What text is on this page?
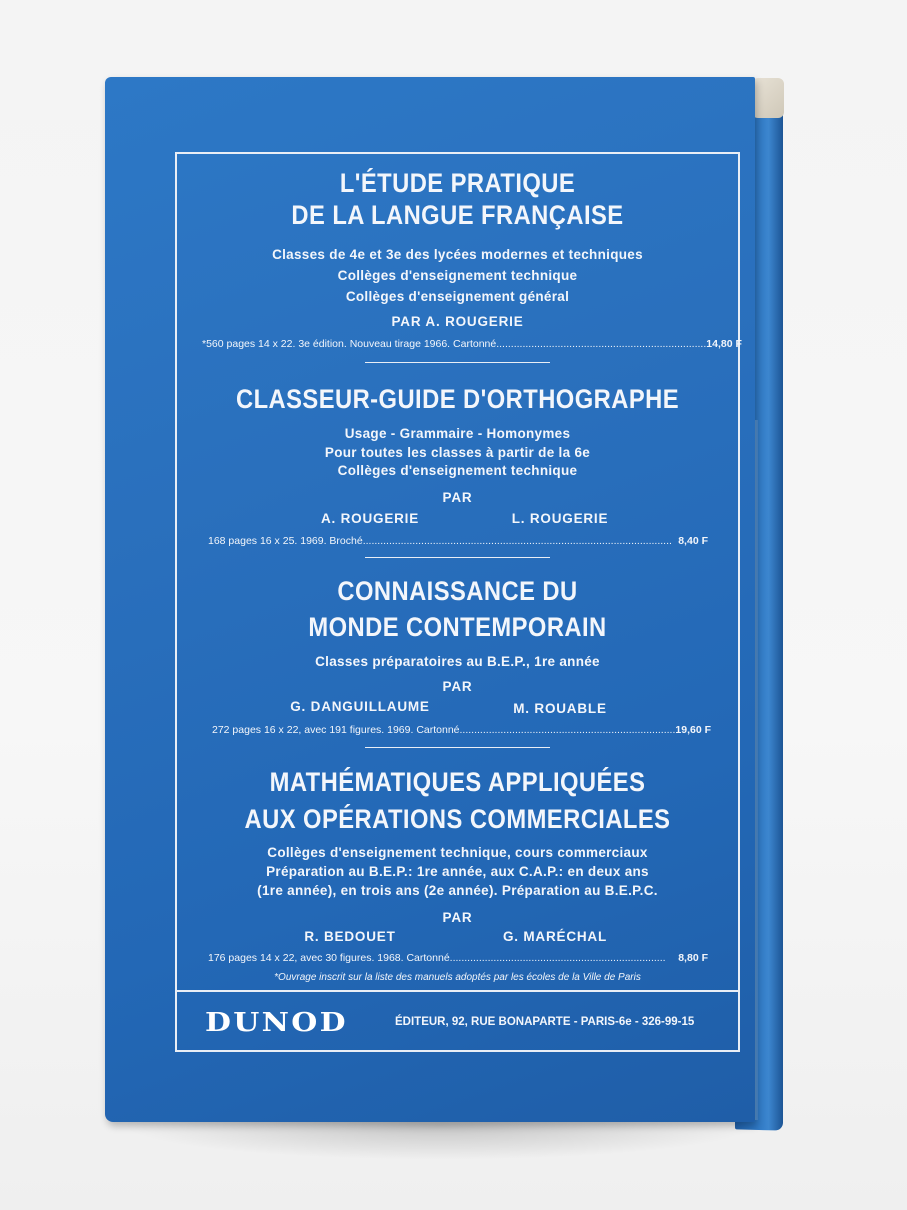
L'ÉTUDE PRATIQUE
DE LA LANGUE FRANÇAISE
Classes de 4e et 3e des lycées modernes et techniques
Collèges d'enseignement technique
Collèges d'enseignement général
PAR A. ROUGERIE
*560 pages 14 x 22. 3e édition. Nouveau tirage 1966. Cartonné ........................................................................ 14,80 F
CLASSEUR-GUIDE D'ORTHOGRAPHE
Usage - Grammaire - Homonymes
Pour toutes les classes à partir de la 6e
Collèges d'enseignement technique
PAR
A. ROUGERIE	L. ROUGERIE
168 pages 16 x 25. 1969. Broché .......................................................................................................... 8,40 F
CONNAISSANCE DU
MONDE CONTEMPORAIN
Classes préparatoires au B.E.P., 1re année
PAR
G. DANGUILLAUME	M. ROUABLE
272 pages 16 x 22, avec 191 figures. 1969. Cartonné .......................................................................... 19,60 F
MATHÉMATIQUES APPLIQUÉES
AUX OPÉRATIONS COMMERCIALES
Collèges d'enseignement technique, cours commerciaux
Préparation au B.E.P.: 1re année, aux C.A.P.: en deux ans
(1re année), en trois ans (2e année). Préparation au B.E.P.C.
PAR
R. BEDOUET	G. MARÉCHAL
176 pages 14 x 22, avec 30 figures. 1968. Cartonné ..........................................................................	8,80 F
*Ouvrage inscrit sur la liste des manuels adoptés par les écoles de la Ville de Paris
DUNOD	ÉDITEUR, 92, RUE BONAPARTE - PARIS-6e - 326-99-15
